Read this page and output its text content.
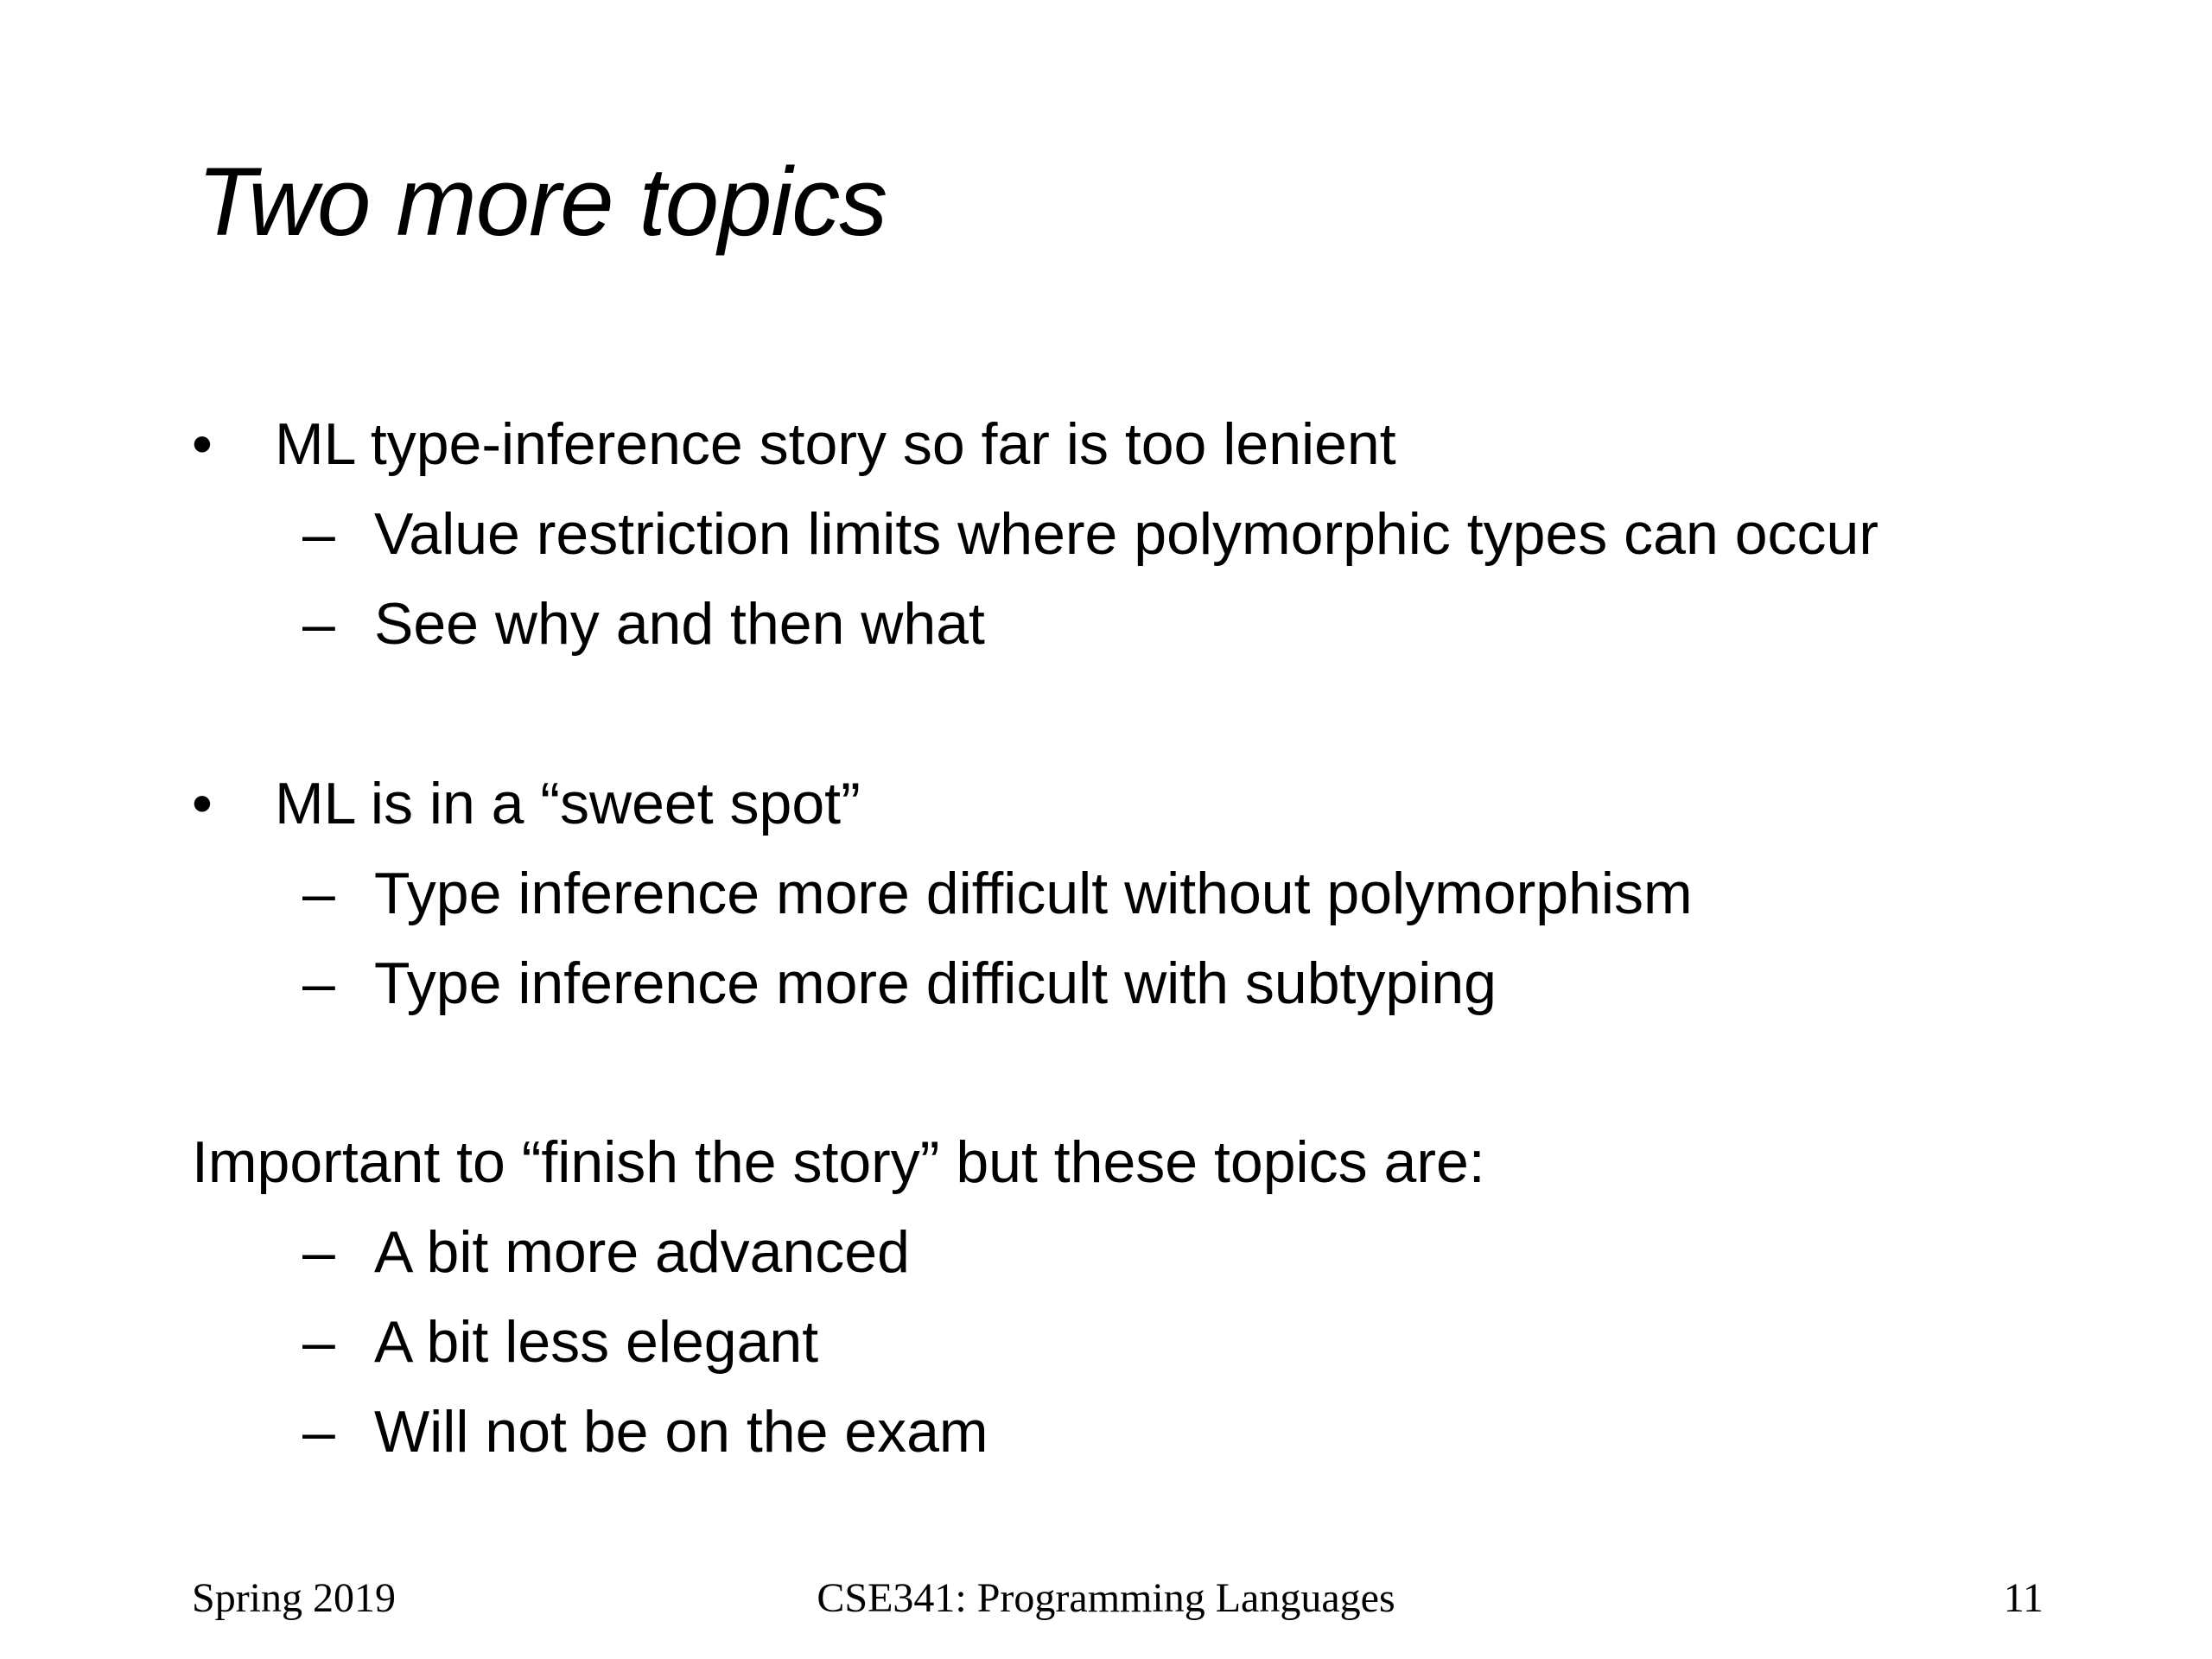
Two more topics
• ML type-inference story so far is too lenient
– Value restriction limits where polymorphic types can occur
– See why and then what
• ML is in a “sweet spot”
– Type inference more difficult without polymorphism
– Type inference more difficult with subtyping
Important to “finish the story” but these topics are:
– A bit more advanced
– A bit less elegant
– Will not be on the exam
Spring 2019	CSE341: Programming Languages	11
